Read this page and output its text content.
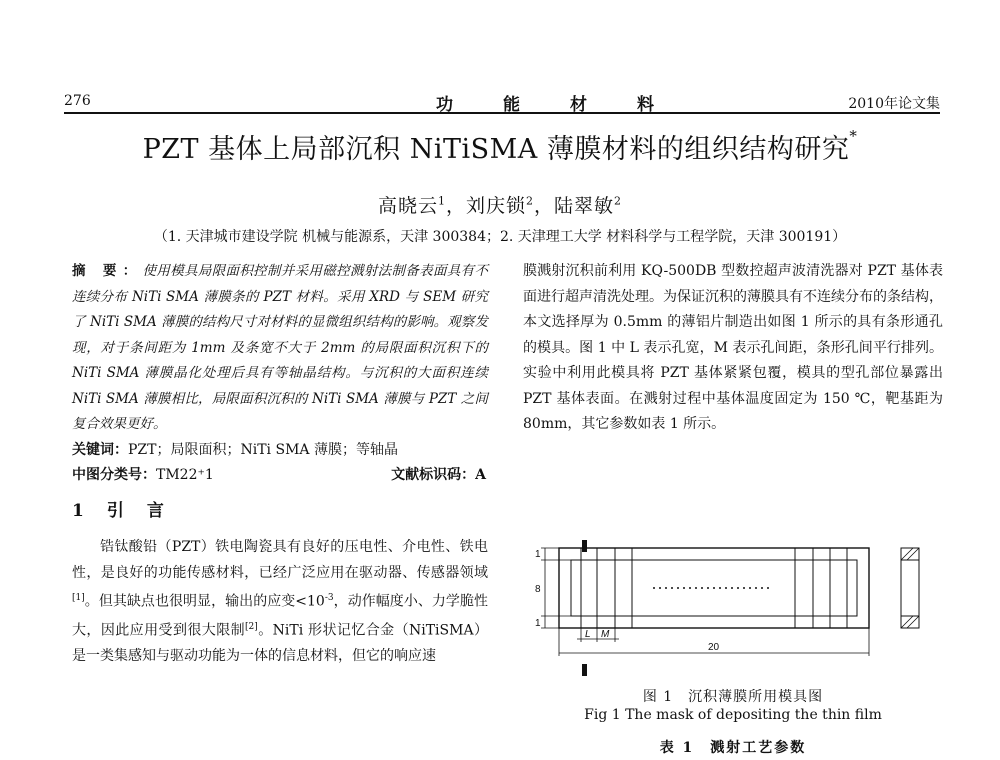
276	功能材料	2010年论文集
PZT 基体上局部沉积 NiTiSMA 薄膜材料的组织结构研究*
高晓云$^1$，刘庆锁$^2$，陆翠敏$^2$
（1. 天津城市建设学院 机械与能源系，天津 300384；2. 天津理工大学 材料科学与工程学院，天津 300191）
摘 要：使用模具局限面积控制并采用磁控溅射法制备表面具有不连续分布 NiTi SMA 薄膜条的 PZT 材料。采用 XRD 与 SEM 研究了 NiTi SMA 薄膜的结构尺寸对材料的显微组织结构的影响。观察发现，对于条间距为 1mm 及条宽不大于 2mm 的局限面积沉积下的 NiTi SMA 薄膜晶化处理后具有等轴晶结构。与沉积的大面积连续 NiTi SMA 薄膜相比，局限面积沉积的 NiTi SMA 薄膜与 PZT 之间复合效果更好。
关键词：PZT；局限面积；NiTi SMA 薄膜；等轴晶
中图分类号：TM22⁺1	文献标识码：A
1　引　言
锆钛酸铅（PZT）铁电陶瓷具有良好的压电性、介电性、铁电性，是良好的功能传感材料，已经广泛应用在驱动器、传感器领域[1]。但其缺点也很明显，输出的应变$<10^{-3}$，动作幅度小、力学脆性大，因此应用受到很大限制[2]。NiTi 形状记忆合金（NiTiSMA）是一类集感知与驱动功能为一体的信息材料，但它的响应速
膜溅射沉积前利用 KQ-500DB 型数控超声波清洗器对 PZT 基体表面进行超声清洗处理。为保证沉积的薄膜具有不连续分布的条结构，本文选择厚为 0.5mm 的薄铝片制造出如图 1 所示的具有条形通孔的模具。图 1 中 L 表示孔宽，M 表示孔间距，条形孔间平行排列。实验中利用此模具将 PZT 基体紧紧包覆，模具的型孔部位暴露出 PZT 基体表面。在溅射过程中基体温度固定为 150 ℃，靶基距为 80mm，其它参数如表 1 所示。
1
8
1
L M
20
图 1　沉积薄膜所用模具图
Fig 1 The mask of depositing the thin film
表 1　溅射工艺参数
